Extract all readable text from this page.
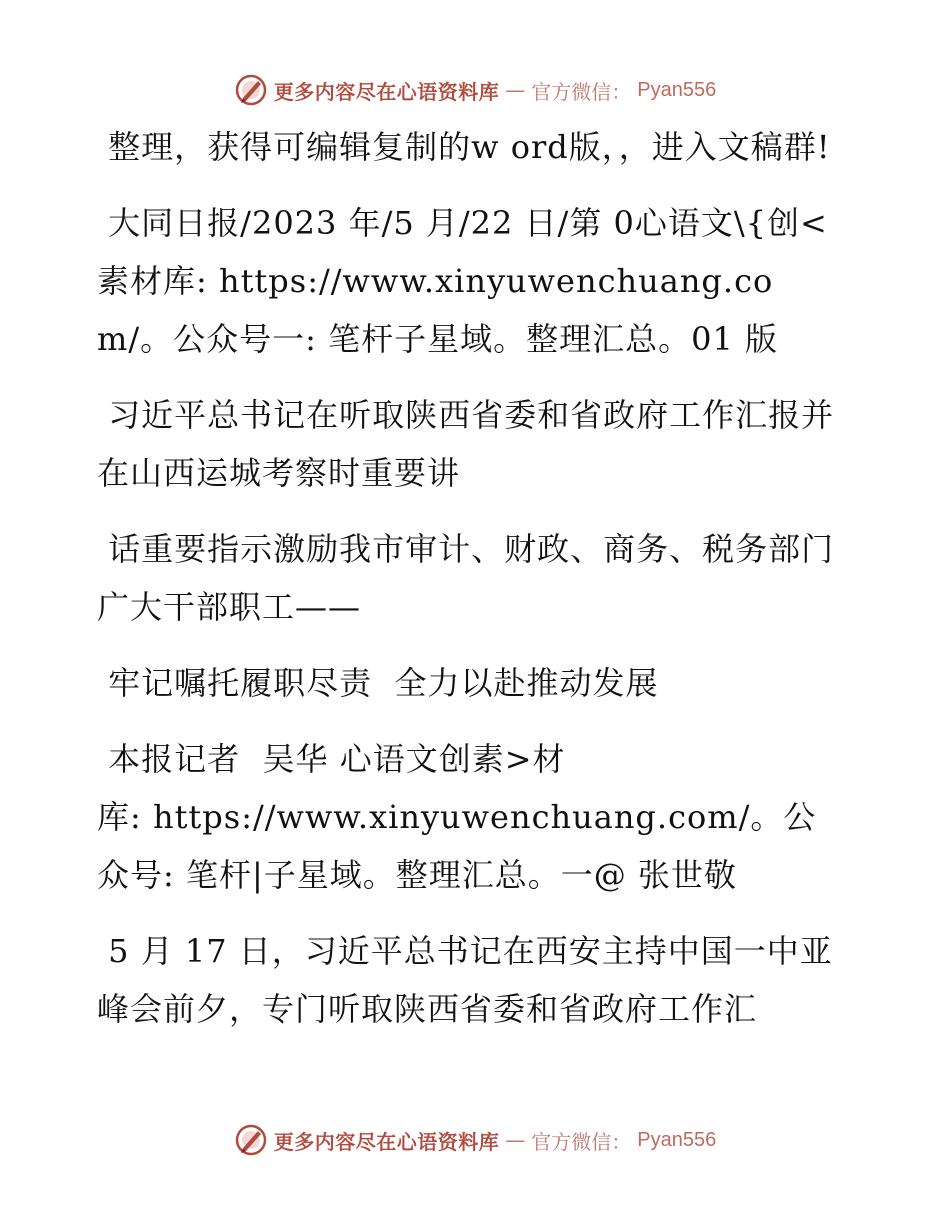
更多内容尽在心语资料库 — 官方微信： Pyan556

整理，获得可编辑复制的w ord版，，进入文稿群!

大同日报/2023 年/5 月/22 日/第 0心语文\{创<素材库: https://www.xinyuwenchuang.com/。公众号一: 笔杆子星域。整理汇总。01 版

习近平总书记在听取陕西省委和省政府工作汇报并在山西运城考察时重要讲

话重要指示激励我市审计、财政、商务、税务部门广大干部职工——

牢记嘱托履职尽责  全力以赴推动发展

本报记者  吴华 心语文创素>材

库: https://www.xinyuwenchuang.com/。公众号: 笔杆|子星域。整理汇总。一@ 张世敬

5 月 17 日，习近平总书记在西安主持中国一中亚峰会前夕，专门听取陕西省委和省政府工作汇

更多内容尽在心语资料库 — 官方微信： Pyan556
